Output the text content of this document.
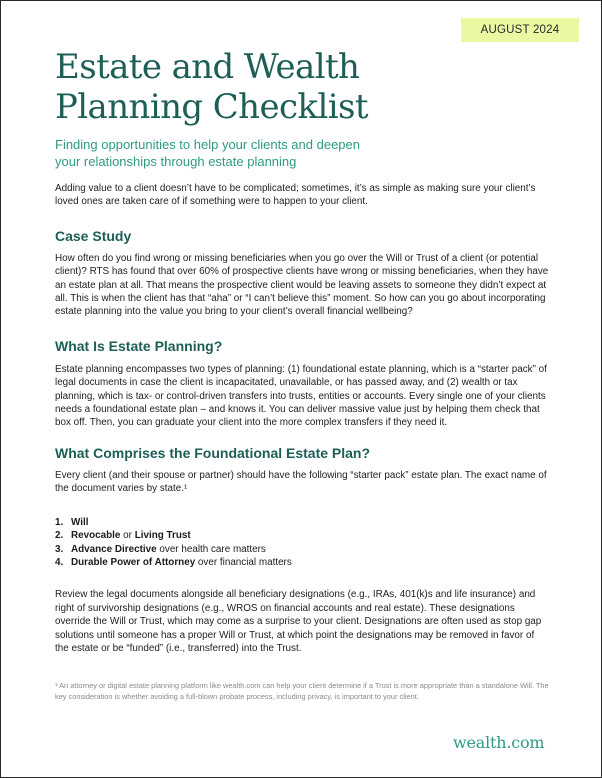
AUGUST 2024
Estate and Wealth
Planning Checklist
Finding opportunities to help your clients and deepen your relationships through estate planning

Adding value to a client doesn’t have to be complicated; sometimes, it’s as simple as making sure your client’s loved ones are taken care of if something were to happen to your client.

Case Study

How often do you find wrong or missing beneficiaries when you go over the Will or Trust of a client (or potential client)? RTS has found that over 60% of prospective clients have wrong or missing beneficiaries, when they have an estate plan at all. That means the prospective client would be leaving assets to someone they didn’t expect at all. This is when the client has that “aha” or “I can’t believe this” moment. So how can you go about incorporating estate planning into the value you bring to your client’s overall financial wellbeing?

What Is Estate Planning?

Estate planning encompasses two types of planning: (1) foundational estate planning, which is a “starter pack” of legal documents in case the client is incapacitated, unavailable, or has passed away, and (2) wealth or tax planning, which is tax- or control-driven transfers into trusts, entities or accounts. Every single one of your clients needs a foundational estate plan – and knows it. You can deliver massive value just by helping them check that box off. Then, you can graduate your client into the more complex transfers if they need it.

What Comprises the Foundational Estate Plan?

Every client (and their spouse or partner) should have the following “starter pack” estate plan. The exact name of the document varies by state.¹

1. Will
2. Revocable or Living Trust
3. Advance Directive over health care matters
4. Durable Power of Attorney over financial matters

Review the legal documents alongside all beneficiary designations (e.g., IRAs, 401(k)s and life insurance) and right of survivorship designations (e.g., WROS on financial accounts and real estate). These designations override the Will or Trust, which may come as a surprise to your client. Designations are often used as stop gap solutions until someone has a proper Will or Trust, at which point the designations may be removed in favor of the estate or be “funded” (i.e., transferred) into the Trust.

¹ An attorney or digital estate planning platform like wealth.com can help your client determine if a Trust is more appropriate than a standalone Will. The key consideration is whether avoiding a full-blown probate process, including privacy, is important to your client.
wealth.com
